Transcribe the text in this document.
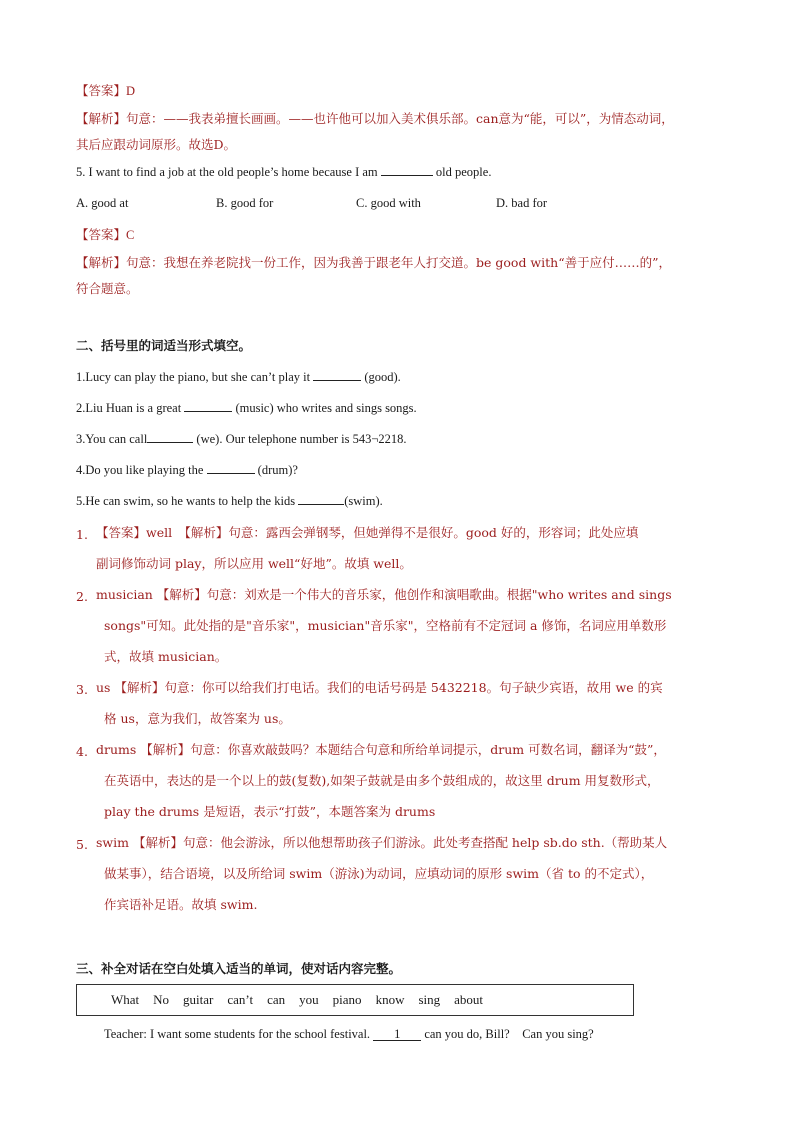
【答案】D
【解析】句意：——我表弟擅长画画。——也许他可以加入美术俱乐部。can意为“能，可以”，为情态动词，
其后应跟动词原形。故选D。
5. I want to find a job at the old people’s home because I am	old people.
A. good at	B. good for	C. good with	D. bad for
【答案】C
【解析】句意：我想在养老院找一份工作，因为我善于跟老年人打交道。be good with“善于应付……的”，
符合题意。
二、括号里的词适当形式填空。
1.Lucy can play the piano, but she can’t play it	(good).
2.Liu Huan is a great	(music) who writes and sings songs.
3.You can call	(we). Our telephone number is 543¬2218.
4.Do you like playing the	(drum)?
5.He can swim, so he wants to help the kids	(swim).
1. 【答案】well　【解析】句意：露西会弹钢琴，但她弹得不是很好。good 好的，形容词；此处应填
副词修饰动词 play，所以应用 well“好地”。故填 well。
2. musician 【解析】句意：刘欢是一个伟大的音乐家，他创作和演唱歌曲。根据"who writes and sings
songs"可知。此处指的是"音乐家"，musician"音乐家"，空格前有不定冠词 a 修饰，名词应用单数形
式，故填 musician。
3. us 【解析】句意：你可以给我们打电话。我们的电话号码是 5432218。句子缺少宾语，故用 we 的宾
格 us，意为我们，故答案为 us。
4. drums 【解析】句意：你喜欢敲鼓吗？本题结合句意和所给单词提示，drum 可数名词，翻译为“鼓”，
在英语中，表达的是一个以上的鼓(复数),如架子鼓就是由多个鼓组成的，故这里 drum 用复数形式，
play the drums 是短语，表示“打鼓”，本题答案为 drums
5. swim 【解析】句意：他会游泳，所以他想帮助孩子们游泳。此处考查搭配 help sb.do sth.（帮助某人
做某事），结合语境，以及所给词 swim（游泳)为动词，应填动词的原形 swim（省 to 的不定式），
作宾语补足语。故填 swim.
三、补全对话在空白处填入适当的单词，使对话内容完整。
What No guitar can’t can you piano know sing about
Teacher: I want some students for the school festival. 1 can you do, Bill?　Can you sing?
